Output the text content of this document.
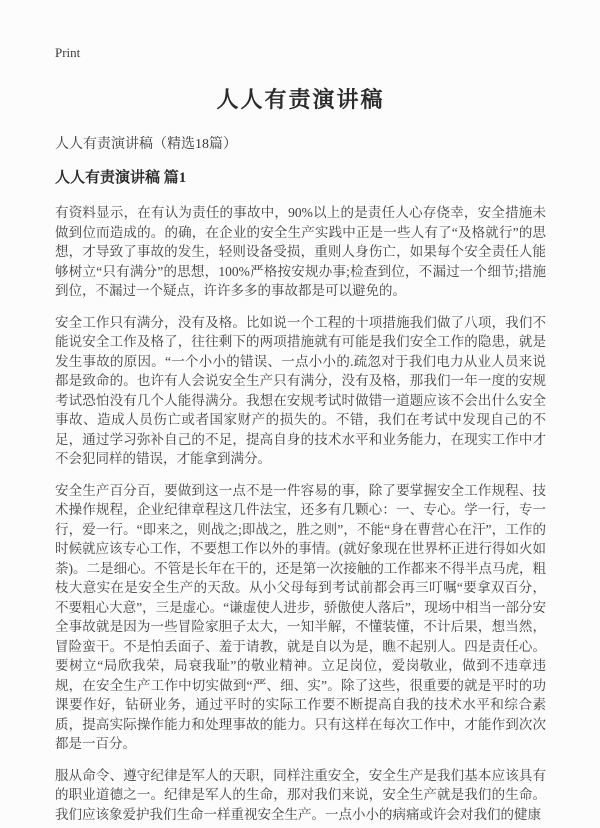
Print
人人有责演讲稿
人人有责演讲稿（精选18篇）
人人有责演讲稿 篇1

有资料显示，在有认为责任的事故中，90%以上的是责任人心存侥幸，安全措施未做到位而造成的。的确，在企业的安全生产实践中正是一些人有了“及格就行”的思想，才导致了事故的发生，轻则设备受损，重则人身伤亡，如果每个安全责任人能够树立“只有满分”的思想，100%严格按安规办事;检查到位，不漏过一个细节;措施到位，不漏过一个疑点，许许多多的事故都是可以避免的。

安全工作只有满分，没有及格。比如说一个工程的十项措施我们做了八项，我们不能说安全工作及格了，往往剩下的两项措施就有可能是我们安全工作的隐患，就是发生事故的原因。“一个小小的错误、一点小小的.疏忽对于我们电力从业人员来说都是致命的。也许有人会说安全生产只有满分，没有及格，那我们一年一度的安规考试恐怕没有几个人能得满分。我想在安规考试时做错一道题应该不会出什么安全事故、造成人员伤亡或者国家财产的损失的。不错，我们在考试中发现自己的不足，通过学习弥补自己的不足，提高自身的技术水平和业务能力，在现实工作中才不会犯同样的错误，才能拿到满分。

安全生产百分百，要做到这一点不是一件容易的事，除了要掌握安全工作规程、技术操作规程，企业纪律章程这几件法宝，还多有几颗心：一、专心。学一行，专一行，爱一行。“即来之，则战之;即战之，胜之则”，不能“身在曹营心在汗”，工作的时候就应该专心工作，不要想工作以外的事情。(就好象现在世界杯正进行得如火如荼)。二是细心。不管是长年在干的，还是第一次接触的工作都来不得半点马虎，粗枝大意实在是安全生产的天敌。从小父母每到考试前都会再三叮嘱“要拿双百分，不要粗心大意”，三是虚心。“谦虚使人进步，骄傲使人落后”，现场中相当一部分安全事故就是因为一些冒险家胆子太大，一知半解，不懂装懂，不计后果，想当然，冒险蛮干。不是怕丢面子、羞于请教，就是自以为是，瞧不起别人。四是责任心。要树立“局欣我荣，局衰我耻”的敬业精神。立足岗位，爱岗敬业，做到不违章违规，在安全生产工作中切实做到“严、细、实”。除了这些，很重要的就是平时的功课要作好，钻研业务，通过平时的实际工作要不断提高自我的技术水平和综合素质，提高实际操作能力和处理事故的能力。只有这样在每次工作中，才能作到次次都是一百分。

服从命令、遵守纪律是军人的天职，同样注重安全，安全生产是我们基本应该具有的职业道德之一。纪律是军人的生命，那对我们来说，安全生产就是我们的生命。我们应该象爱护我们生命一样重视安全生产。一点小小的病痛或许会对我们的健康
